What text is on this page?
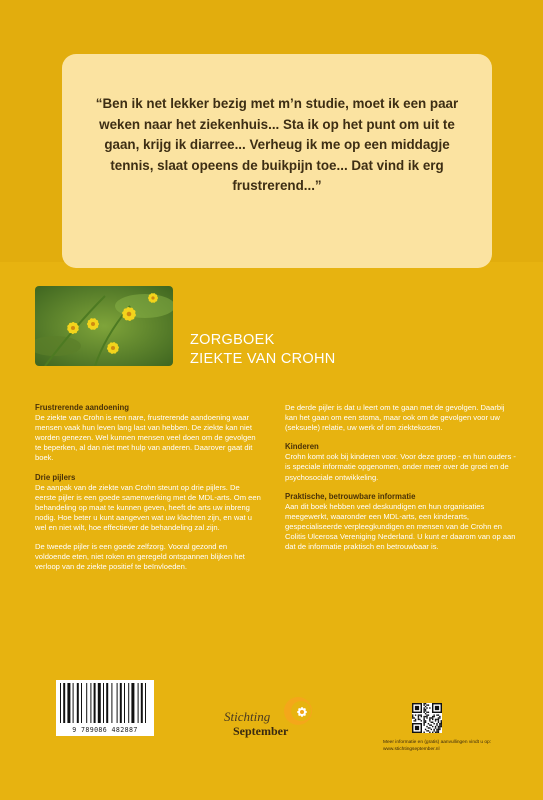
“Ben ik net lekker bezig met m’n studie, moet ik een paar weken naar het ziekenhuis... Sta ik op het punt om uit te gaan, krijg ik diarree... Verheug ik me op een middagje tennis, slaat opeens de buikpijn toe... Dat vind ik erg frustrerend...”

ZORGBOEK
ZIEKTE VAN CROHN
Frustrerende aandoening

De ziekte van Crohn is een nare, frustrerende aandoening waar mensen vaak hun leven lang last van hebben. De ziekte kan niet worden genezen. Wel kunnen mensen veel doen om de gevolgen te beperken, al dan niet met hulp van anderen. Daarover gaat dit boek.

Drie pijlers

De aanpak van de ziekte van Crohn steunt op drie pijlers. De eerste pijler is een goede samenwerking met de MDL-arts. Om een behandeling op maat te kunnen geven, heeft de arts uw inbreng nodig. Hoe beter u kunt aangeven wat uw klachten zijn, en wat u wel en niet wilt, hoe effectiever de behandeling zal zijn.

De tweede pijler is een goede zelfzorg. Vooral gezond en voldoende eten, niet roken en geregeld ontspannen blijken het verloop van de ziekte positief te beïnvloeden.

De derde pijler is dat u leert om te gaan met de gevolgen. Daarbij kan het gaan om een stoma, maar ook om de gevolgen voor uw (seksuele) relatie, uw werk of om ziektekosten.

Kinderen

Crohn komt ook bij kinderen voor. Voor deze groep - en hun ouders - is speciale informatie opgenomen, onder meer over de groei en de psychosociale ontwikkeling.

Praktische, betrouwbare informatie

Aan dit boek hebben veel deskundigen en hun organisaties meegewerkt, waaronder een MDL-arts, een kinderarts, gespecialiseerde verpleegkundigen en mensen van de Crohn en Colitis Ulcerosa Vereniging Nederland. U kunt er daarom van op aan dat de informatie praktisch en betrouwbaar is.

9 789086 482887
Stichting
September
Meer informatie en (gratis) aanvullingen vindt u op:
www.stichtingseptember.nl
